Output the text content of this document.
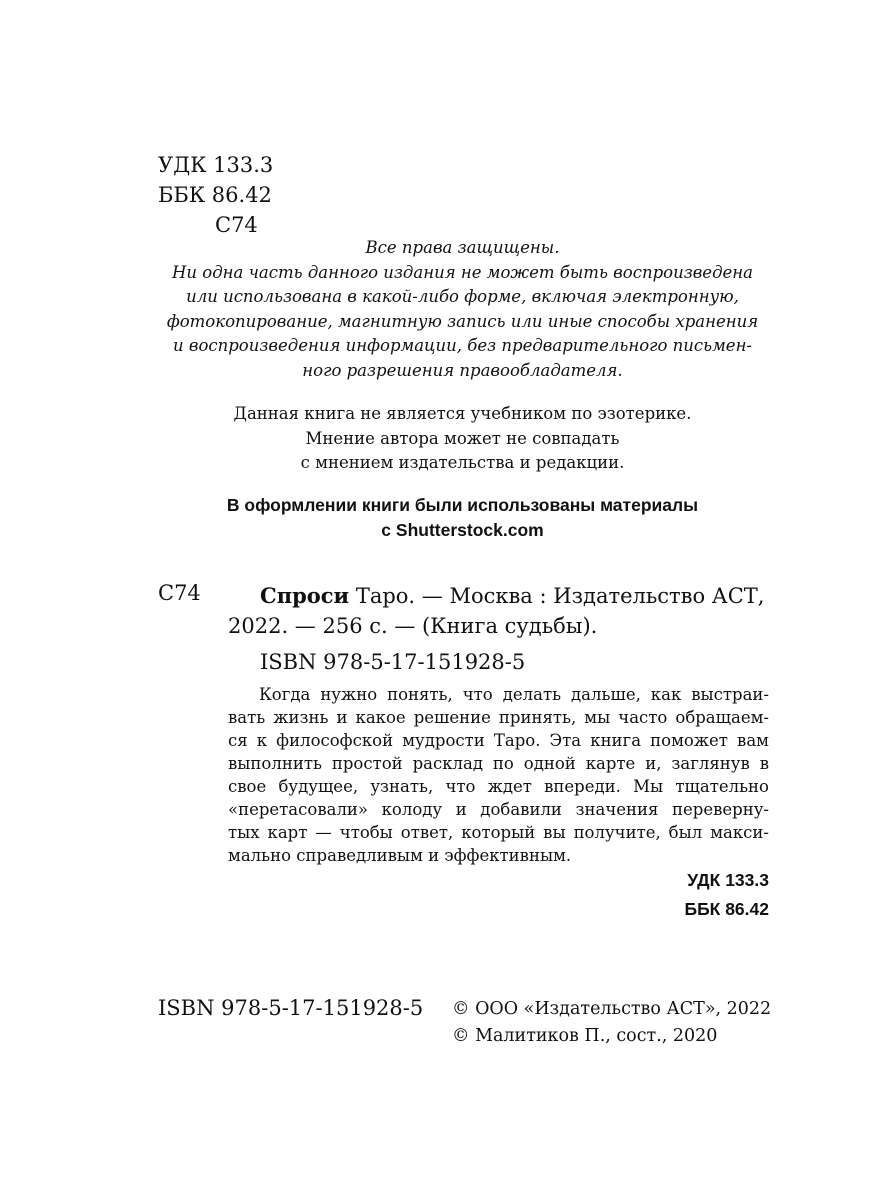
УДК 133.3
ББК 86.42
С74
Все права защищены.
Ни одна часть данного издания не может быть воспроизведена
или использована в какой-либо форме, включая электронную,
фотокопирование, магнитную запись или иные способы хранения
и воспроизведения информации, без предварительного письмен-
ного разрешения правообладателя.
Данная книга не является учебником по эзотерике.
Мнение автора может не совпадать
с мнением издательства и редакции.
В оформлении книги были использованы материалы
с Shutterstock.com
С74	Спроси Таро. — Москва : Издательство АСТ,
2022. — 256 с. — (Книга судьбы).
ISBN 978-5-17-151928-5
Когда нужно понять, что делать дальше, как выстраи-
вать жизнь и какое решение принять, мы часто обращаем-
ся к философской мудрости Таро. Эта книга поможет вам
выполнить простой расклад по одной карте и, заглянув в
свое будущее, узнать, что ждет впереди. Мы тщательно
«перетасовали» колоду и добавили значения переверну-
тых карт — чтобы ответ, который вы получите, был макси-
мально справедливым и эффективным.
УДК 133.3
ББК 86.42
ISBN 978-5-17-151928-5 © ООО «Издательство АСТ», 2022
© Малитиков П., сост., 2020
